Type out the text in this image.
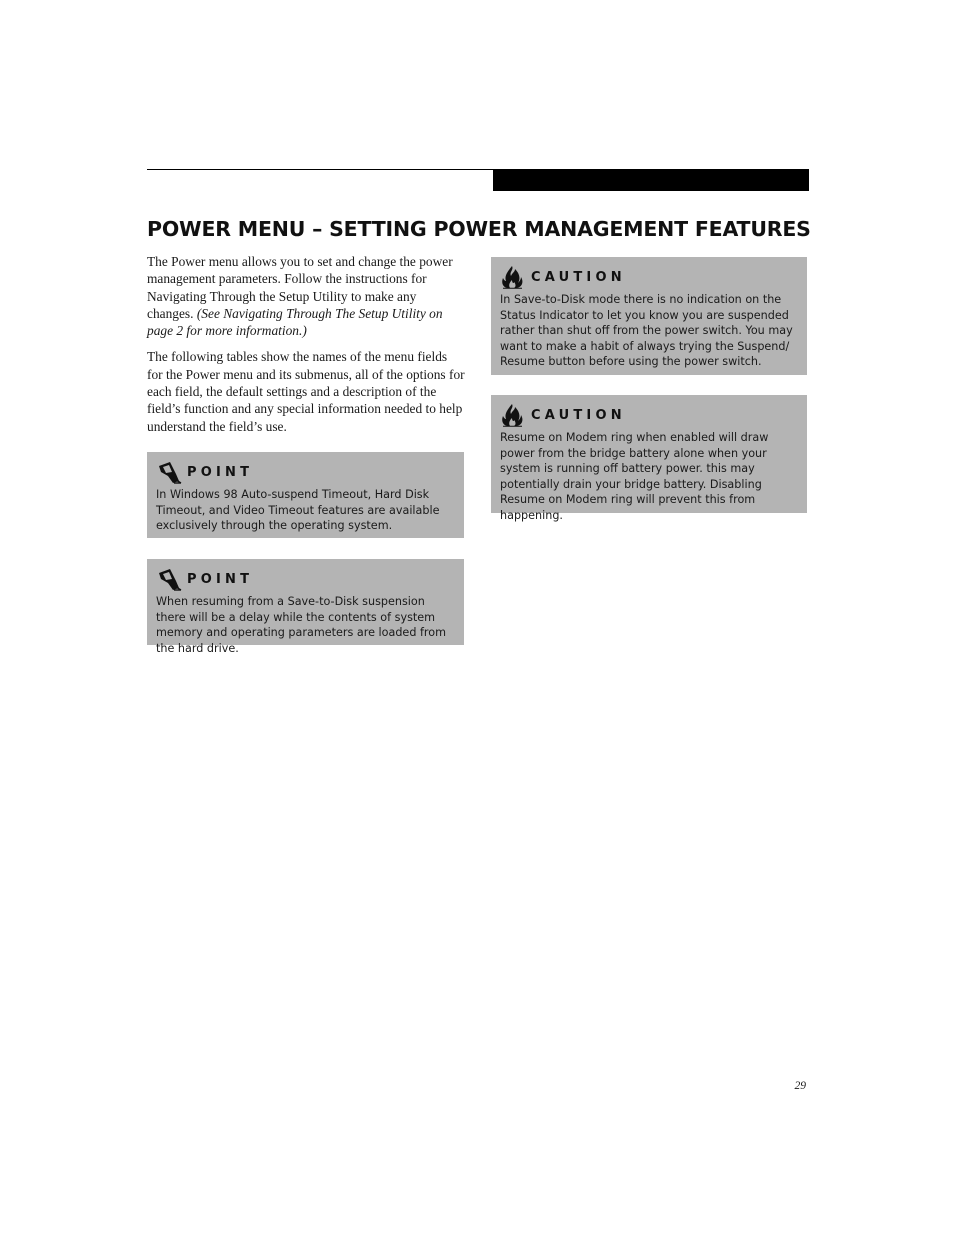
POWER MENU – SETTING POWER MANAGEMENT FEATURES

The Power menu allows you to set and change the power management parameters. Follow the instructions for Navigating Through the Setup Utility to make any changes. (See Navigating Through The Setup Utility on page 2 for more information.)

The following tables show the names of the menu fields for the Power menu and its submenus, all of the options for each field, the default settings and a description of the field’s function and any special information needed to help understand the field’s use.

POINT

In Windows 98 Auto-suspend Timeout, Hard Disk Timeout, and Video Timeout features are available exclusively through the operating system.

POINT

When resuming from a Save-to-Disk suspension there will be a delay while the contents of system memory and operating parameters are loaded from the hard drive.

CAUTION

In Save-to-Disk mode there is no indication on the Status Indicator to let you know you are suspended rather than shut off from the power switch. You may want to make a habit of always trying the Suspend/ Resume button before using the power switch.

CAUTION

Resume on Modem ring when enabled will draw power from the bridge battery alone when your system is running off battery power. this may potentially drain your bridge battery. Disabling Resume on Modem ring will prevent this from happening.

29
